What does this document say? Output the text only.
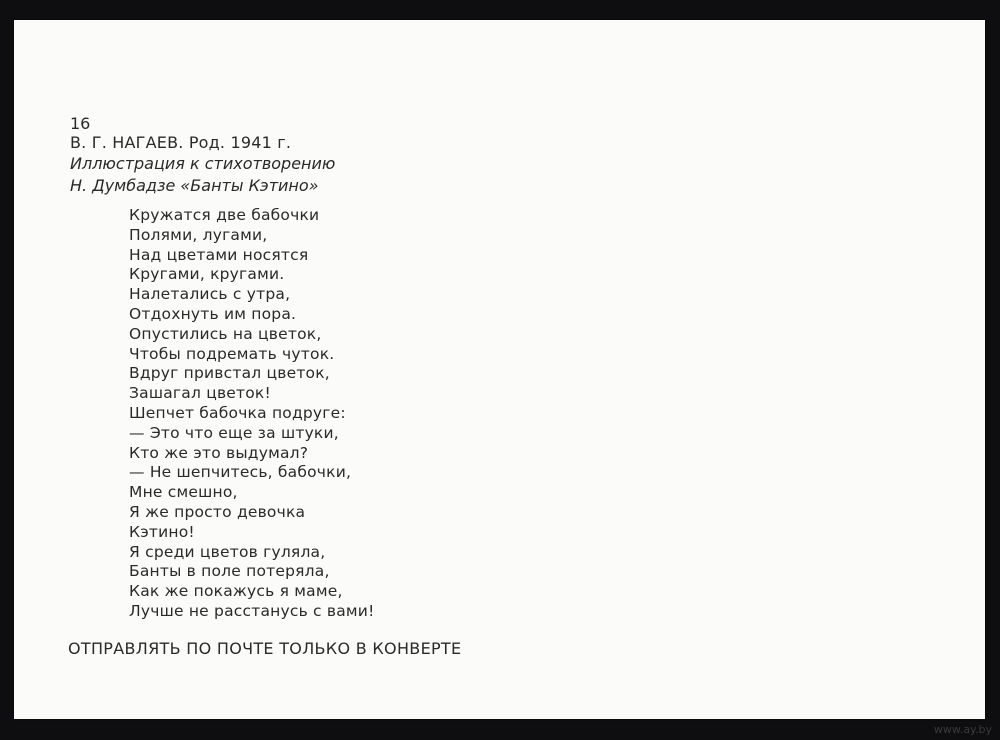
16
В. Г. НАГАЕВ. Род. 1941 г.
Иллюстрация к стихотворению
Н. Думбадзе «Банты Кэтино»
Кружатся две бабочки
Полями, лугами,
Над цветами носятся
Кругами, кругами.
Налетались с утра,
Отдохнуть им пора.
Опустились на цветок,
Чтобы подремать чуток.
Вдруг привстал цветок,
Зашагал цветок!
Шепчет бабочка подруге:
— Это что еще за штуки,
Кто же это выдумал?
— Не шепчитесь, бабочки,
Мне смешно,
Я же просто девочка
Кэтино!
Я среди цветов гуляла,
Банты в поле потеряла,
Как же покажусь я маме,
Лучше не расстанусь с вами!
ОТПРАВЛЯТЬ ПО ПОЧТЕ ТОЛЬКО В КОНВЕРТЕ
www.ay.by
